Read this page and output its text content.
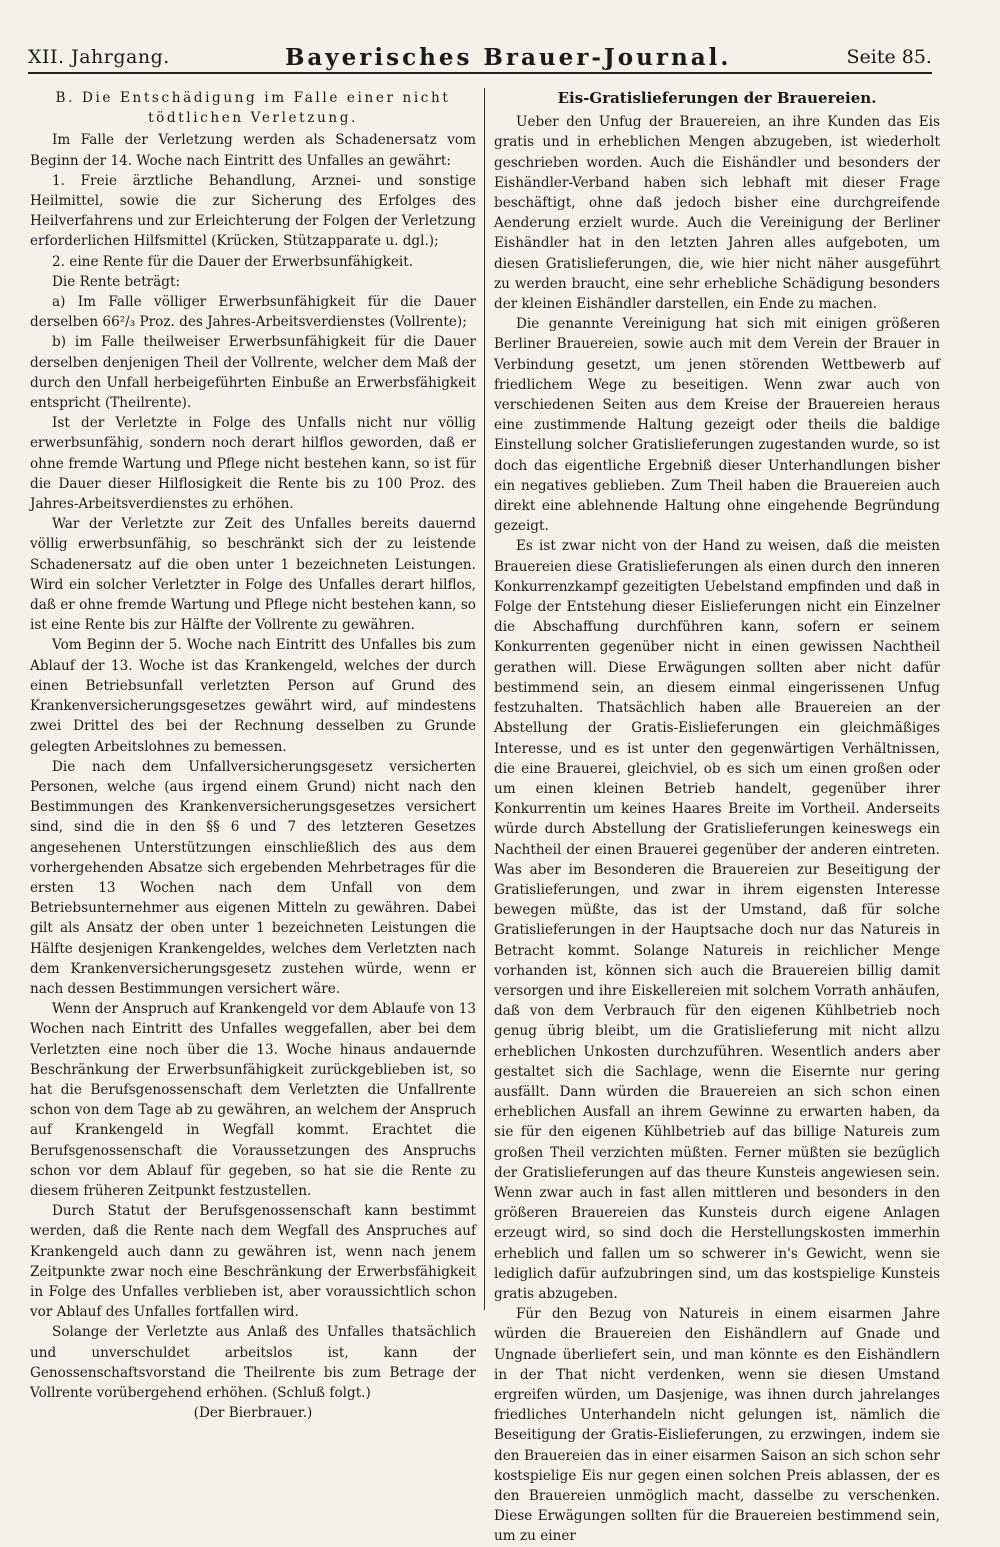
XII. Jahrgang.	Bayerisches Brauer-Journal.	Seite 85.

B. Die Entschädigung im Falle einer nicht tödtlichen Verletzung.

Im Falle der Verletzung werden als Schadenersatz vom Beginn der 14. Woche nach Eintritt des Unfalles an gewährt:

1. Freie ärztliche Behandlung, Arznei- und sonstige Heilmittel, sowie die zur Sicherung des Erfolges des Heilverfahrens und zur Erleichterung der Folgen der Verletzung erforderlichen Hilfsmittel (Krücken, Stützapparate u. dgl.);

2. eine Rente für die Dauer der Erwerbsunfähigkeit.

Die Rente beträgt:

a) Im Falle völliger Erwerbsunfähigkeit für die Dauer derselben 66²/₃ Proz. des Jahres-Arbeitsverdienstes (Vollrente);

b) im Falle theilweiser Erwerbsunfähigkeit für die Dauer derselben denjenigen Theil der Vollrente, welcher dem Maß der durch den Unfall herbeigeführten Einbuße an Erwerbsfähigkeit entspricht (Theilrente).

Ist der Verletzte in Folge des Unfalls nicht nur völlig erwerbsunfähig, sondern noch derart hilflos geworden, daß er ohne fremde Wartung und Pflege nicht bestehen kann, so ist für die Dauer dieser Hilflosigkeit die Rente bis zu 100 Proz. des Jahres-Arbeitsverdienstes zu erhöhen.

War der Verletzte zur Zeit des Unfalles bereits dauernd völlig erwerbsunfähig, so beschränkt sich der zu leistende Schadenersatz auf die oben unter 1 bezeichneten Leistungen. Wird ein solcher Verletzter in Folge des Unfalles derart hilflos, daß er ohne fremde Wartung und Pflege nicht bestehen kann, so ist eine Rente bis zur Hälfte der Vollrente zu gewähren.

Vom Beginn der 5. Woche nach Eintritt des Unfalles bis zum Ablauf der 13. Woche ist das Krankengeld, welches der durch einen Betriebsunfall verletzten Person auf Grund des Krankenversicherungsgesetzes gewährt wird, auf mindestens zwei Drittel des bei der Rechnung desselben zu Grunde gelegten Arbeitslohnes zu bemessen.

Die nach dem Unfallversicherungsgesetz versicherten Personen, welche (aus irgend einem Grund) nicht nach den Bestimmungen des Krankenversicherungsgesetzes versichert sind, sind die in den §§ 6 und 7 des letzteren Gesetzes angesehenen Unterstützungen einschließlich des aus dem vorhergehenden Absatze sich ergebenden Mehrbetrages für die ersten 13 Wochen nach dem Unfall von dem Betriebsunternehmer aus eigenen Mitteln zu gewähren. Dabei gilt als Ansatz der oben unter 1 bezeichneten Leistungen die Hälfte desjenigen Krankengeldes, welches dem Verletzten nach dem Krankenversicherungsgesetz zustehen würde, wenn er nach dessen Bestimmungen versichert wäre.

Wenn der Anspruch auf Krankengeld vor dem Ablaufe von 13 Wochen nach Eintritt des Unfalles weggefallen, aber bei dem Verletzten eine noch über die 13. Woche hinaus andauernde Beschränkung der Erwerbsunfähigkeit zurückgeblieben ist, so hat die Berufsgenossenschaft dem Verletzten die Unfallrente schon von dem Tage ab zu gewähren, an welchem der Anspruch auf Krankengeld in Wegfall kommt. Erachtet die Berufsgenossenschaft die Voraussetzungen des Anspruchs schon vor dem Ablauf für gegeben, so hat sie die Rente zu diesem früheren Zeitpunkt festzustellen.

Durch Statut der Berufsgenossenschaft kann bestimmt werden, daß die Rente nach dem Wegfall des Anspruches auf Krankengeld auch dann zu gewähren ist, wenn nach jenem Zeitpunkte zwar noch eine Beschränkung der Erwerbsfähigkeit in Folge des Unfalles verblieben ist, aber voraussichtlich schon vor Ablauf des Unfalles fortfallen wird.

Solange der Verletzte aus Anlaß des Unfalles thatsächlich und unverschuldet arbeitslos ist, kann der Genossenschaftsvorstand die Theilrente bis zum Betrage der Vollrente vorübergehend erhöhen. (Schluß folgt.)

(Der Bierbrauer.)

Eis-Gratislieferungen der Brauereien.

Ueber den Unfug der Brauereien, an ihre Kunden das Eis gratis und in erheblichen Mengen abzugeben, ist wiederholt geschrieben worden. Auch die Eishändler und besonders der Eishändler-Verband haben sich lebhaft mit dieser Frage beschäftigt, ohne daß jedoch bisher eine durchgreifende Aenderung erzielt wurde. Auch die Vereinigung der Berliner Eishändler hat in den letzten Jahren alles aufgeboten, um diesen Gratislieferungen, die, wie hier nicht näher ausgeführt zu werden braucht, eine sehr erhebliche Schädigung besonders der kleinen Eishändler darstellen, ein Ende zu machen.

Die genannte Vereinigung hat sich mit einigen größeren Berliner Brauereien, sowie auch mit dem Verein der Brauer in Verbindung gesetzt, um jenen störenden Wettbewerb auf friedlichem Wege zu beseitigen. Wenn zwar auch von verschiedenen Seiten aus dem Kreise der Brauereien heraus eine zustimmende Haltung gezeigt oder theils die baldige Einstellung solcher Gratislieferungen zugestanden wurde, so ist doch das eigentliche Ergebniß dieser Unterhandlungen bisher ein negatives geblieben. Zum Theil haben die Brauereien auch direkt eine ablehnende Haltung ohne eingehende Begründung gezeigt.

Es ist zwar nicht von der Hand zu weisen, daß die meisten Brauereien diese Gratislieferungen als einen durch den inneren Konkurrenzkampf gezeitigten Uebelstand empfinden und daß in Folge der Entstehung dieser Eislieferungen nicht ein Einzelner die Abschaffung durchführen kann, sofern er seinem Konkurrenten gegenüber nicht in einen gewissen Nachtheil gerathen will. Diese Erwägungen sollten aber nicht dafür bestimmend sein, an diesem einmal eingerissenen Unfug festzuhalten. Thatsächlich haben alle Brauereien an der Abstellung der Gratis-Eislieferungen ein gleichmäßiges Interesse, und es ist unter den gegenwärtigen Verhältnissen, die eine Brauerei, gleichviel, ob es sich um einen großen oder um einen kleinen Betrieb handelt, gegenüber ihrer Konkurrentin um keines Haares Breite im Vortheil. Anderseits würde durch Abstellung der Gratislieferungen keineswegs ein Nachtheil der einen Brauerei gegenüber der anderen eintreten. Was aber im Besonderen die Brauereien zur Beseitigung der Gratislieferungen, und zwar in ihrem eigensten Interesse bewegen müßte, das ist der Umstand, daß für solche Gratislieferungen in der Hauptsache doch nur das Natureis in Betracht kommt. Solange Natureis in reichlicher Menge vorhanden ist, können sich auch die Brauereien billig damit versorgen und ihre Eiskellereien mit solchem Vorrath anhäufen, daß von dem Verbrauch für den eigenen Kühlbetrieb noch genug übrig bleibt, um die Gratislieferung mit nicht allzu erheblichen Unkosten durchzuführen. Wesentlich anders aber gestaltet sich die Sachlage, wenn die Eisernte nur gering ausfällt. Dann würden die Brauereien an sich schon einen erheblichen Ausfall an ihrem Gewinne zu erwarten haben, da sie für den eigenen Kühlbetrieb auf das billige Natureis zum großen Theil verzichten müßten. Ferner müßten sie bezüglich der Gratislieferungen auf das theure Kunsteis angewiesen sein. Wenn zwar auch in fast allen mittleren und besonders in den größeren Brauereien das Kunsteis durch eigene Anlagen erzeugt wird, so sind doch die Herstellungskosten immerhin erheblich und fallen um so schwerer in's Gewicht, wenn sie lediglich dafür aufzubringen sind, um das kostspielige Kunsteis gratis abzugeben.

Für den Bezug von Natureis in einem eisarmen Jahre würden die Brauereien den Eishändlern auf Gnade und Ungnade überliefert sein, und man könnte es den Eishändlern in der That nicht verdenken, wenn sie diesen Umstand ergreifen würden, um Dasjenige, was ihnen durch jahrelanges friedliches Unterhandeln nicht gelungen ist, nämlich die Beseitigung der Gratis-Eislieferungen, zu erzwingen, indem sie den Brauereien das in einer eisarmen Saison an sich schon sehr kostspielige Eis nur gegen einen solchen Preis ablassen, der es den Brauereien unmöglich macht, dasselbe zu verschenken. Diese Erwägungen sollten für die Brauereien bestimmend sein, um zu einer
